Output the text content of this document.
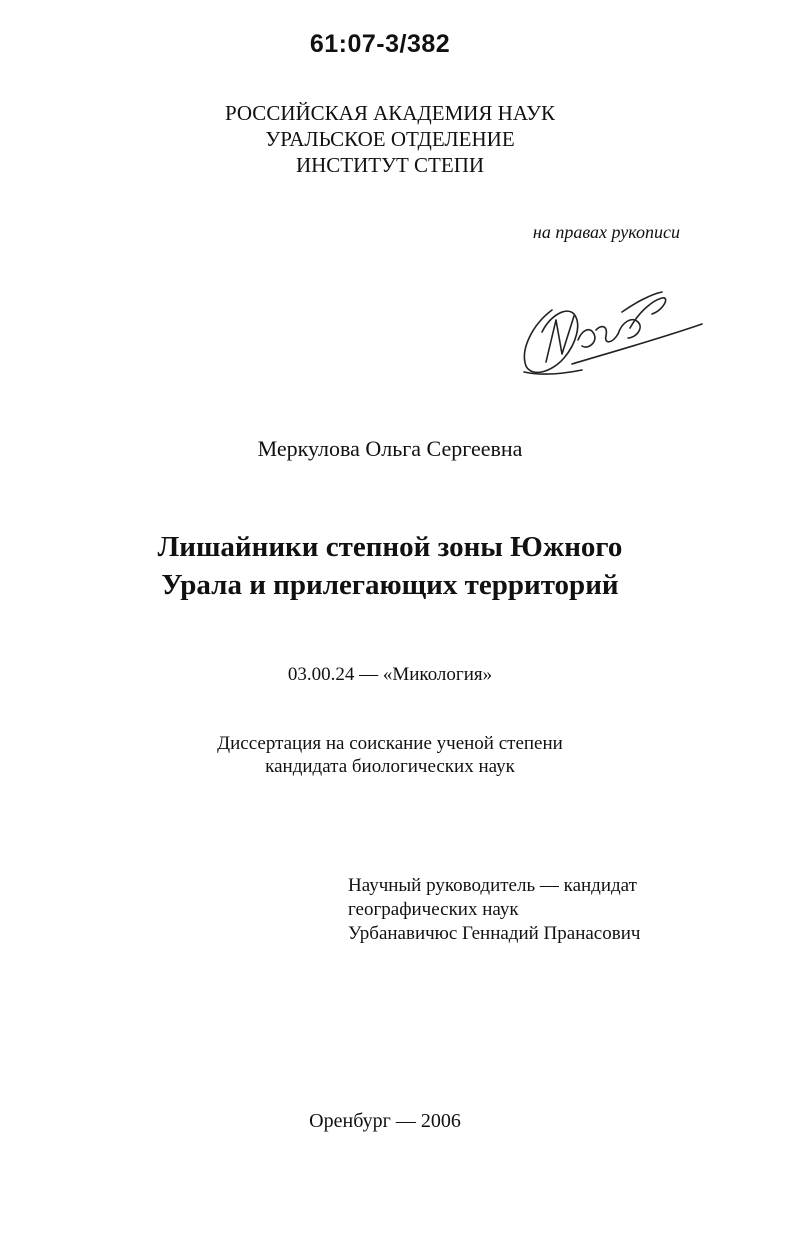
61:07-3/382
РОССИЙСКАЯ АКАДЕМИЯ НАУК
УРАЛЬСКОЕ ОТДЕЛЕНИЕ
ИНСТИТУТ СТЕПИ
на правах рукописи
Меркулова Ольга Сергеевна
Лишайники степной зоны Южного
Урала и прилегающих территорий
03.00.24 — «Микология»
Диссертация на соискание ученой степени
кандидата биологических наук
Научный руководитель — кандидат
географических наук
Урбанавичюс Геннадий Пранасович
Оренбург — 2006
